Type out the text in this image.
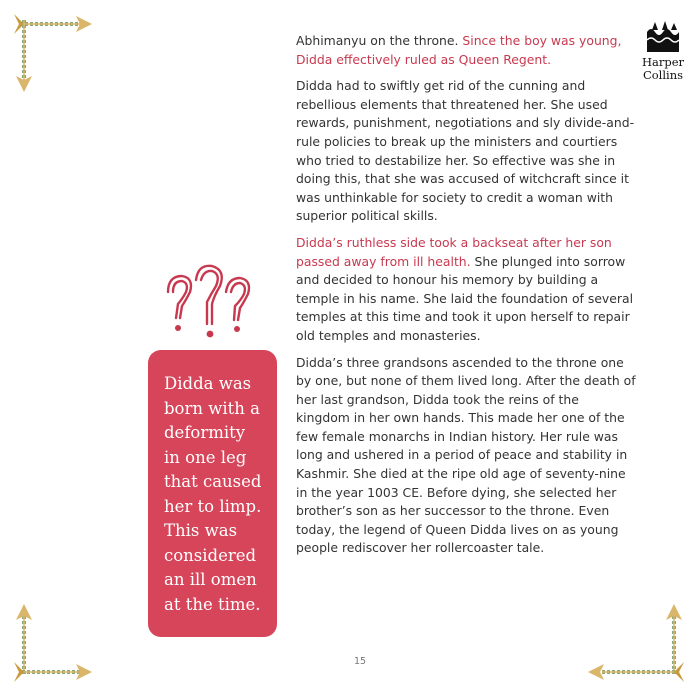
Harper
Collins

Didda was
born with a
deformity
in one leg
that caused
her to limp.
This was
considered
an ill omen
at the time.

Abhimanyu on the throne. Since the boy was young, Didda effectively ruled as Queen Regent.

Didda had to swiftly get rid of the cunning and rebellious elements that threatened her. She used rewards, punishment, negotiations and sly divide-and-rule policies to break up the ministers and courtiers who tried to destabilize her. So effective was she in doing this, that she was accused of witchcraft since it was unthinkable for society to credit a woman with superior political skills.

Didda’s ruthless side took a backseat after her son passed away from ill health. She plunged into sorrow and decided to honour his memory by building a temple in his name. She laid the foundation of several temples at this time and took it upon herself to repair old temples and monasteries.

Didda’s three grandsons ascended to the throne one by one, but none of them lived long. After the death of her last grandson, Didda took the reins of the kingdom in her own hands. This made her one of the few female monarchs in Indian history. Her rule was long and ushered in a period of peace and stability in Kashmir. She died at the ripe old age of seventy-nine in the year 1003 CE. Before dying, she selected her brother’s son as her successor to the throne. Even today, the legend of Queen Didda lives on as young people rediscover her rollercoaster tale.

15
